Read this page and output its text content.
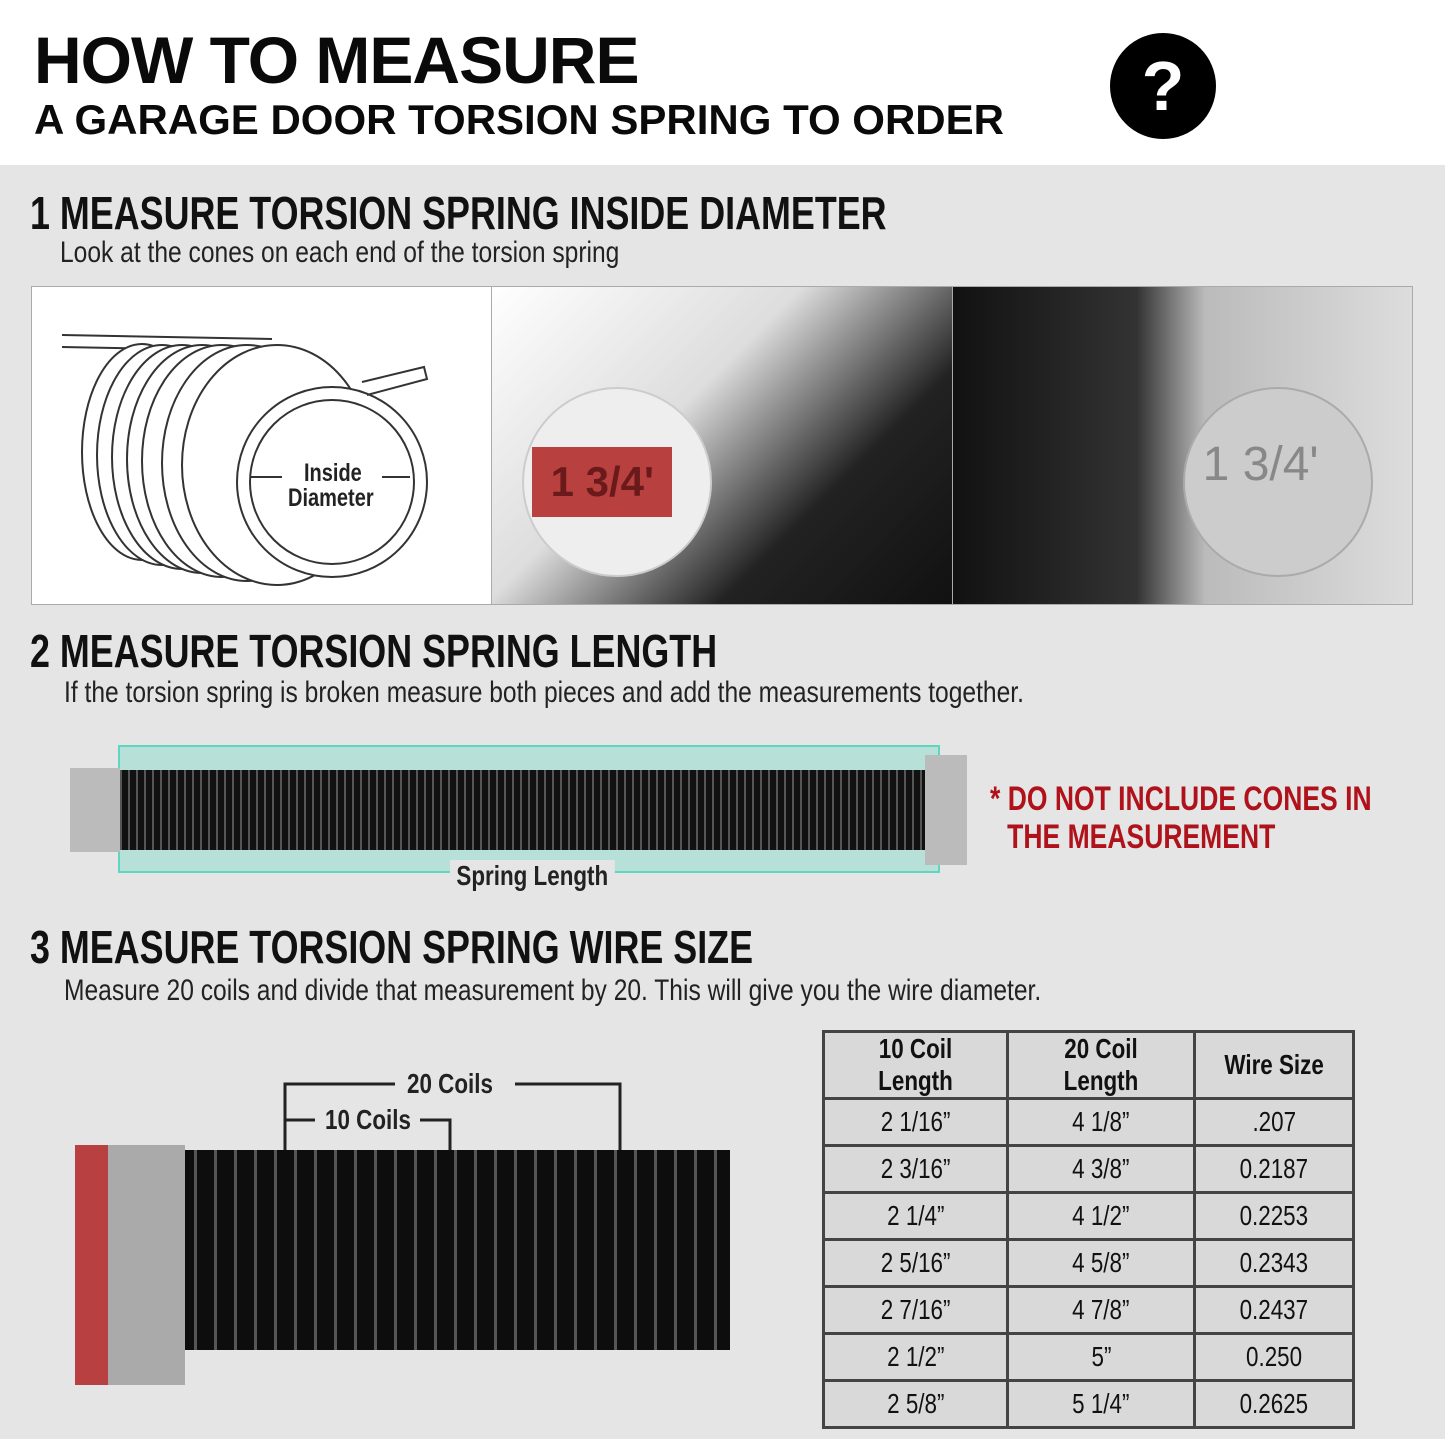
HOW TO MEASURE
A GARAGE DOOR TORSION SPRING TO ORDER	?
1 MEASURE TORSION SPRING INSIDE DIAMETER
Look at the cones on each end of the torsion spring
Inside
Diameter	1 3/4'	1 3/4'
2 MEASURE TORSION SPRING LENGTH
If the torsion spring is broken measure both pieces and add the measurements together.
Spring Length
* DO NOT INCLUDE CONES IN
THE MEASUREMENT
3 MEASURE TORSION SPRING WIRE SIZE
Measure 20 coils and divide that measurement by 20. This will give you the wire diameter.
20 Coils
10 Coils
10 Coil Length	20 Coil Length	Wire Size
2 1/16”	4 1/8”	.207
2 3/16”	4 3/8”	0.2187
2 1/4”	4 1/2”	0.2253
2 5/16”	4 5/8”	0.2343
2 7/16”	4 7/8”	0.2437
2 1/2”	5”	0.250
2 5/8”	5 1/4”	0.2625
